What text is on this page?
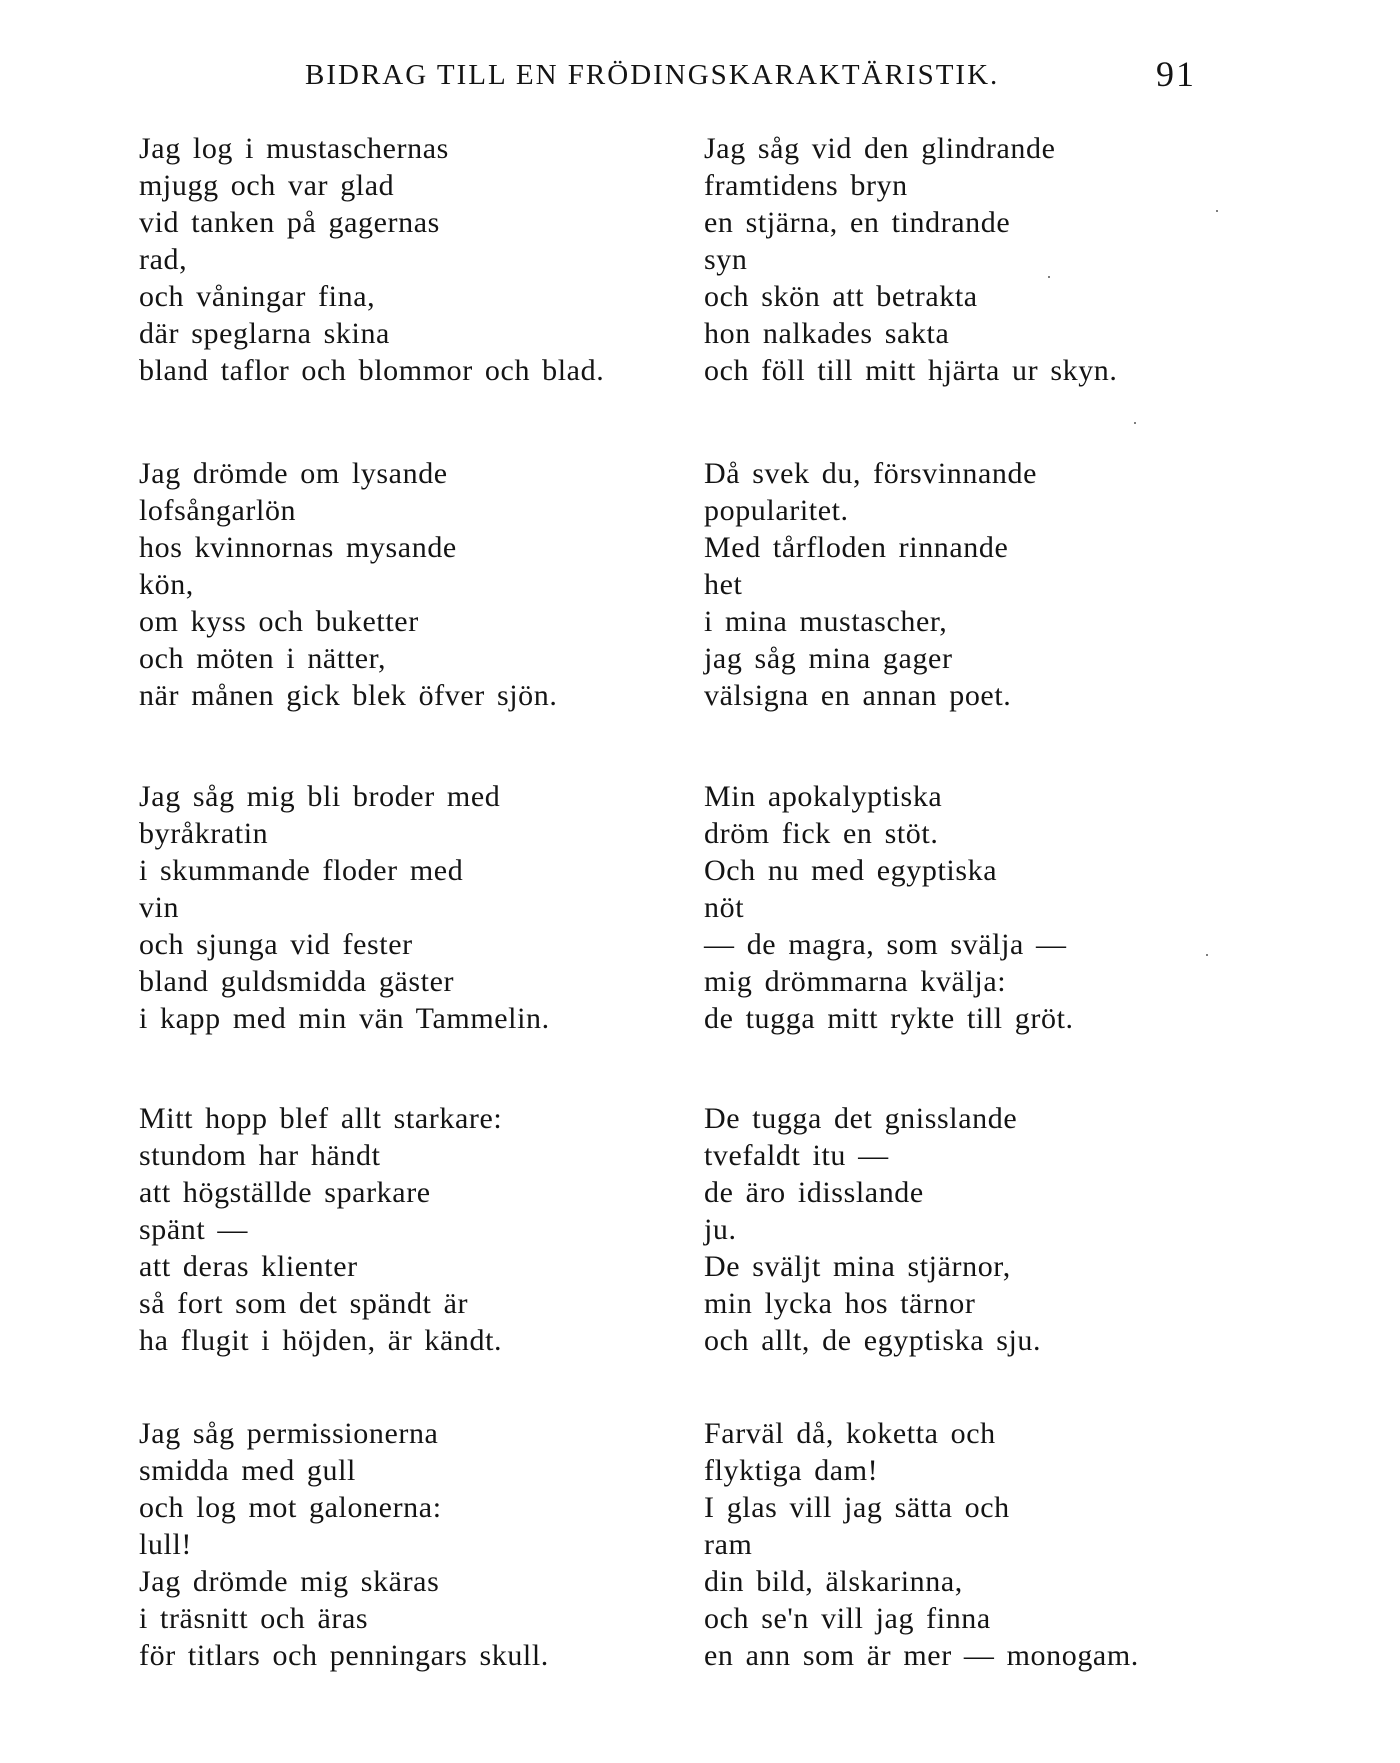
BIDRAG TILL EN FRÖDINGSKARAKTÄRISTIK.	91
Jag log i mustaschernas
mjugg och var glad
vid tanken på gagernas
rad,
och våningar fina,
där speglarna skina
bland taflor och blommor och blad.
Jag drömde om lysande
lofsångarlön
hos kvinnornas mysande
kön,
om kyss och buketter
och möten i nätter,
när månen gick blek öfver sjön.
Jag såg mig bli broder med
byråkratin
i skummande floder med
vin
och sjunga vid fester
bland guldsmidda gäster
i kapp med min vän Tammelin.
Mitt hopp blef allt starkare:
stundom har händt
att högställde sparkare
spänt —
att deras klienter
så fort som det spändt är
ha flugit i höjden, är kändt.
Jag såg permissionerna
smidda med gull
och log mot galonerna:
lull!
Jag drömde mig skäras
i träsnitt och äras
för titlars och penningars skull.
Jag såg vid den glindrande
framtidens bryn
en stjärna, en tindrande
syn
och skön att betrakta
hon nalkades sakta
och föll till mitt hjärta ur skyn.
Då svek du, försvinnande
popularitet.
Med tårfloden rinnande
het
i mina mustascher,
jag såg mina gager
välsigna en annan poet.
Min apokalyptiska
dröm fick en stöt.
Och nu med egyptiska
nöt
— de magra, som svälja —
mig drömmarna kvälja:
de tugga mitt rykte till gröt.
De tugga det gnisslande
tvefaldt itu —
de äro idisslande
ju.
De sväljt mina stjärnor,
min lycka hos tärnor
och allt, de egyptiska sju.
Farväl då, koketta och
flyktiga dam!
I glas vill jag sätta och
ram
din bild, älskarinna,
och se'n vill jag finna
en ann som är mer — monogam.
